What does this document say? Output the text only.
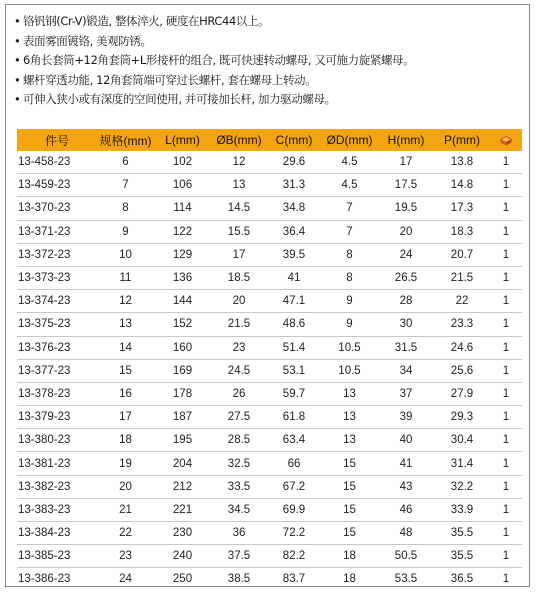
• 铬钒钢(Cr-V)锻造, 整体淬火, 硬度在HRC44以上。
• 表面雾面镀铬, 美观防锈。
• 6角长套筒+12角套筒+L形接杆的组合, 既可快速转动螺母, 又可施力旋紧螺母。
• 螺杆穿透功能, 12角套筒端可穿过长螺杆, 套在螺母上转动。
• 可伸入狭小或有深度的空间使用, 并可接加长杆, 加力驱动螺母。
件号	规格(mm)	L(mm)	ØB(mm)	C(mm)	ØD(mm)	H(mm)	P(mm)	
13-458-23	6	102	12	29.6	4.5	17	13.8	1
13-459-23	7	106	13	31.3	4.5	17.5	14.8	1
13-370-23	8	114	14.5	34.8	7	19.5	17.3	1
13-371-23	9	122	15.5	36.4	7	20	18.3	1
13-372-23	10	129	17	39.5	8	24	20.7	1
13-373-23	11	136	18.5	41	8	26.5	21.5	1
13-374-23	12	144	20	47.1	9	28	22	1
13-375-23	13	152	21.5	48.6	9	30	23.3	1
13-376-23	14	160	23	51.4	10.5	31.5	24.6	1
13-377-23	15	169	24.5	53.1	10.5	34	25.6	1
13-378-23	16	178	26	59.7	13	37	27.9	1
13-379-23	17	187	27.5	61.8	13	39	29.3	1
13-380-23	18	195	28.5	63.4	13	40	30.4	1
13-381-23	19	204	32.5	66	15	41	31.4	1
13-382-23	20	212	33.5	67.2	15	43	32.2	1
13-383-23	21	221	34.5	69.9	15	46	33.9	1
13-384-23	22	230	36	72.2	15	48	35.5	1
13-385-23	23	240	37.5	82.2	18	50.5	35.5	1
13-386-23	24	250	38.5	83.7	18	53.5	36.5	1
